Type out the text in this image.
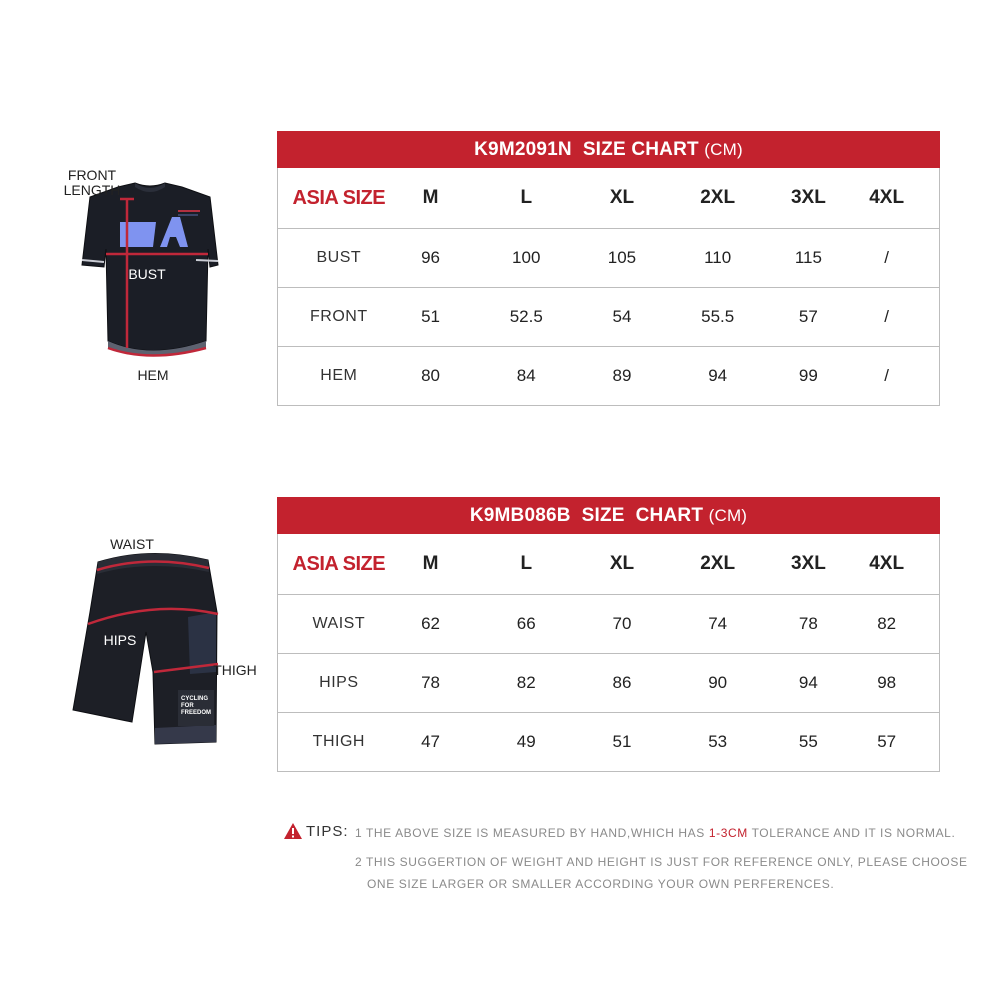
FRONT
LENGTH
BUST
HEM
CYCLING
FOR
FREEDOM
WAIST
HIPS
THIGH
K9M2091N SIZE CHART (CM)
ASIA SIZE	M	L	XL	2XL	3XL	4XL
BUST	96	100	105	110	115	/
FRONT	51	52.5	54	55.5	57	/
HEM	80	84	89	94	99	/
K9MB086B SIZE  CHART (CM)
ASIA SIZE	M	L	XL	2XL	3XL	4XL
WAIST	62	66	70	74	78	82
HIPS	78	82	86	90	94	98
THIGH	47	49	51	53	55	57
TIPS: 1 THE ABOVE SIZE IS MEASURED BY HAND,WHICH HAS 1-3CM TOLERANCE AND IT IS NORMAL.
2 THIS SUGGERTION OF WEIGHT AND HEIGHT IS JUST FOR REFERENCE ONLY, PLEASE CHOOSE
ONE SIZE LARGER OR SMALLER ACCORDING YOUR OWN PERFERENCES.
